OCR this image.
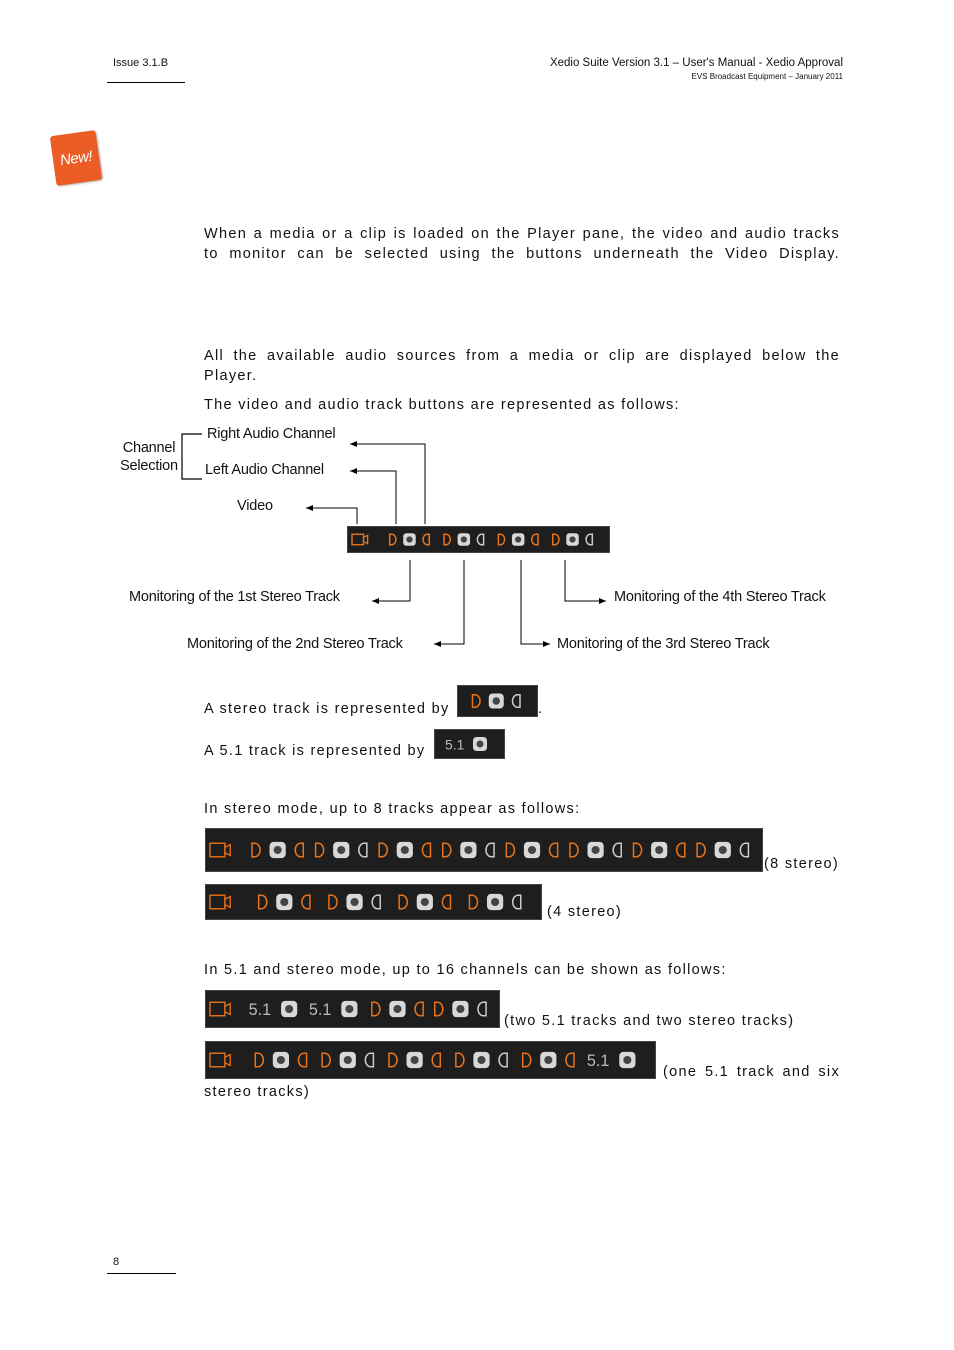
Issue 3.1.B	Xedio Suite Version 3.1 – User's Manual - Xedio Approval
EVS Broadcast Equipment – January 2011
New!
When a media or a clip is loaded on the Player pane, the video and audio tracks to monitor can be selected using the buttons underneath the Video Display.
All the available audio sources from a media or clip are displayed below the Player.
The video and audio track buttons are represented as follows:
Channel Selection
Right Audio Channel
Left Audio Channel
Video
Monitoring of the 1st Stereo Track
Monitoring of the 2nd Stereo Track	Monitoring of the 3rd Stereo Track
Monitoring of the 4th Stereo Track
A stereo track is represented by	.
A 5.1 track is represented by 5.1
In stereo mode, up to 8 tracks appear as follows:
(8 stereo)
(4 stereo)
In 5.1 and stereo mode, up to 16 channels can be shown as follows:
5.1 5.1
(two 5.1 tracks and two stereo tracks)
5.1
(one 5.1 track and six
stereo tracks)
8
